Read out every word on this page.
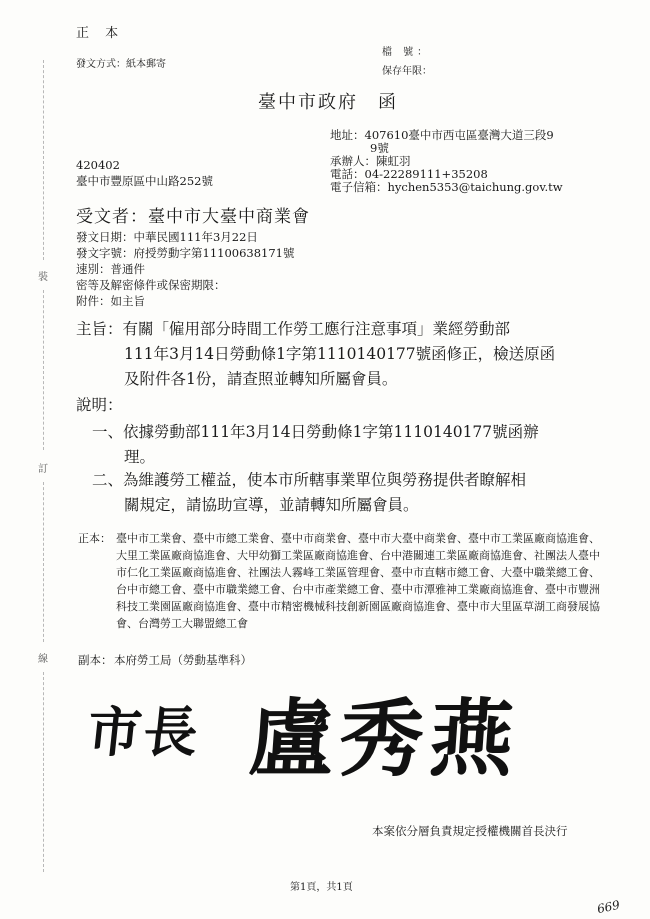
裝
訂
線
正 本
發文方式：紙本郵寄
檔 號：
保存年限：
臺中市政府　函
地址：407610臺中市西屯區臺灣大道三段9
9號
承辦人：陳虹羽
電話：04-22289111+35208
電子信箱：hychen5353@taichung.gov.tw
420402
臺中市豐原區中山路252號
受文者：臺中市大臺中商業會
發文日期：中華民國111年3月22日
發文字號：府授勞動字第11100638171號
速別：普通件
密等及解密條件或保密期限：
附件：如主旨
主旨：有關「僱用部分時間工作勞工應行注意事項」業經勞動部
111年3月14日勞動條1字第1110140177號函修正，檢送原函
及附件各1份，請查照並轉知所屬會員。
說明：
一、依據勞動部111年3月14日勞動條1字第1110140177號函辦
理。
二、為維護勞工權益，使本市所轄事業單位與勞務提供者瞭解相
關規定，請協助宣導，並請轉知所屬會員。
正本： 臺中市工業會、臺中市總工業會、臺中市商業會、臺中市大臺中商業會、臺中市工業區廠商協進會、大里工業區廠商協進會、大甲幼獅工業區廠商協進會、台中港關連工業區廠商協進會、社團法人臺中市仁化工業區廠商協進會、社團法人霧峰工業區管理會、臺中市直轄市總工會、大臺中職業總工會、台中市總工會、臺中市職業總工會、台中市產業總工會、臺中市潭雅神工業廠商協進會、臺中市豐洲科技工業園區廠商協進會、臺中市精密機械科技創新園區廠商協進會、臺中市大里區草湖工商發展協會、台灣勞工大聯盟總工會
副本： 本府勞工局（勞動基準科）
市長 盧秀燕
本案依分層負責規定授權機關首長決行
第1頁，共1頁
669
